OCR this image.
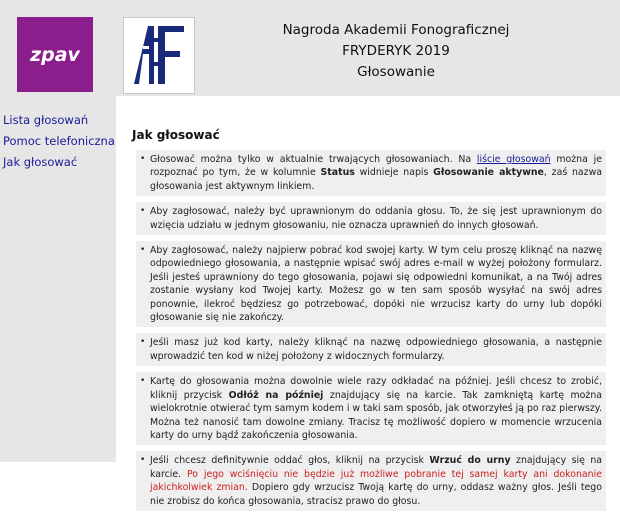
zpav
Nagroda Akademii Fonograficznej
FRYDERYK 2019
Głosowanie
Lista głosowań
Pomoc telefoniczna
Jak głosować
Jak głosować
• Głosować można tylko w aktualnie trwających głosowaniach. Na liście głosowań można je rozpoznać po tym, że w kolumnie Status widnieje napis Głosowanie aktywne, zaś nazwa głosowania jest aktywnym linkiem.
• Aby zagłosować, należy być uprawnionym do oddania głosu. To, że się jest uprawnionym do wzięcia udziału w jednym głosowaniu, nie oznacza uprawnień do innych głosowań.
• Aby zagłosować, należy najpierw pobrać kod swojej karty. W tym celu proszę kliknąć na nazwę odpowiedniego głosowania, a następnie wpisać swój adres e-mail w wyżej położony formularz. Jeśli jesteś uprawniony do tego głosowania, pojawi się odpowiedni komunikat, a na Twój adres zostanie wysłany kod Twojej karty. Możesz go w ten sam sposób wysyłać na swój adres ponownie, ilekroć będziesz go potrzebować, dopóki nie wrzucisz karty do urny lub dopóki głosowanie się nie zakończy.
• Jeśli masz już kod karty, należy kliknąć na nazwę odpowiedniego głosowania, a następnie wprowadzić ten kod w niżej położony z widocznych formularzy.
• Kartę do głosowania można dowolnie wiele razy odkładać na później. Jeśli chcesz to zrobić, kliknij przycisk Odłóż na później znajdujący się na karcie. Tak zamkniętą kartę można wielokrotnie otwierać tym samym kodem i w taki sam sposób, jak otworzyłeś ją po raz pierwszy. Można też nanosić tam dowolne zmiany. Tracisz tę możliwość dopiero w momencie wrzucenia karty do urny bądź zakończenia głosowania.
• Jeśli chcesz definitywnie oddać głos, kliknij na przycisk Wrzuć do urny znajdujący się na karcie. Po jego wciśnięciu nie będzie już możliwe pobranie tej samej karty ani dokonanie jakichkolwiek zmian. Dopiero gdy wrzucisz Twoją kartę do urny, oddasz ważny głos. Jeśli tego nie zrobisz do końca głosowania, stracisz prawo do głosu.
